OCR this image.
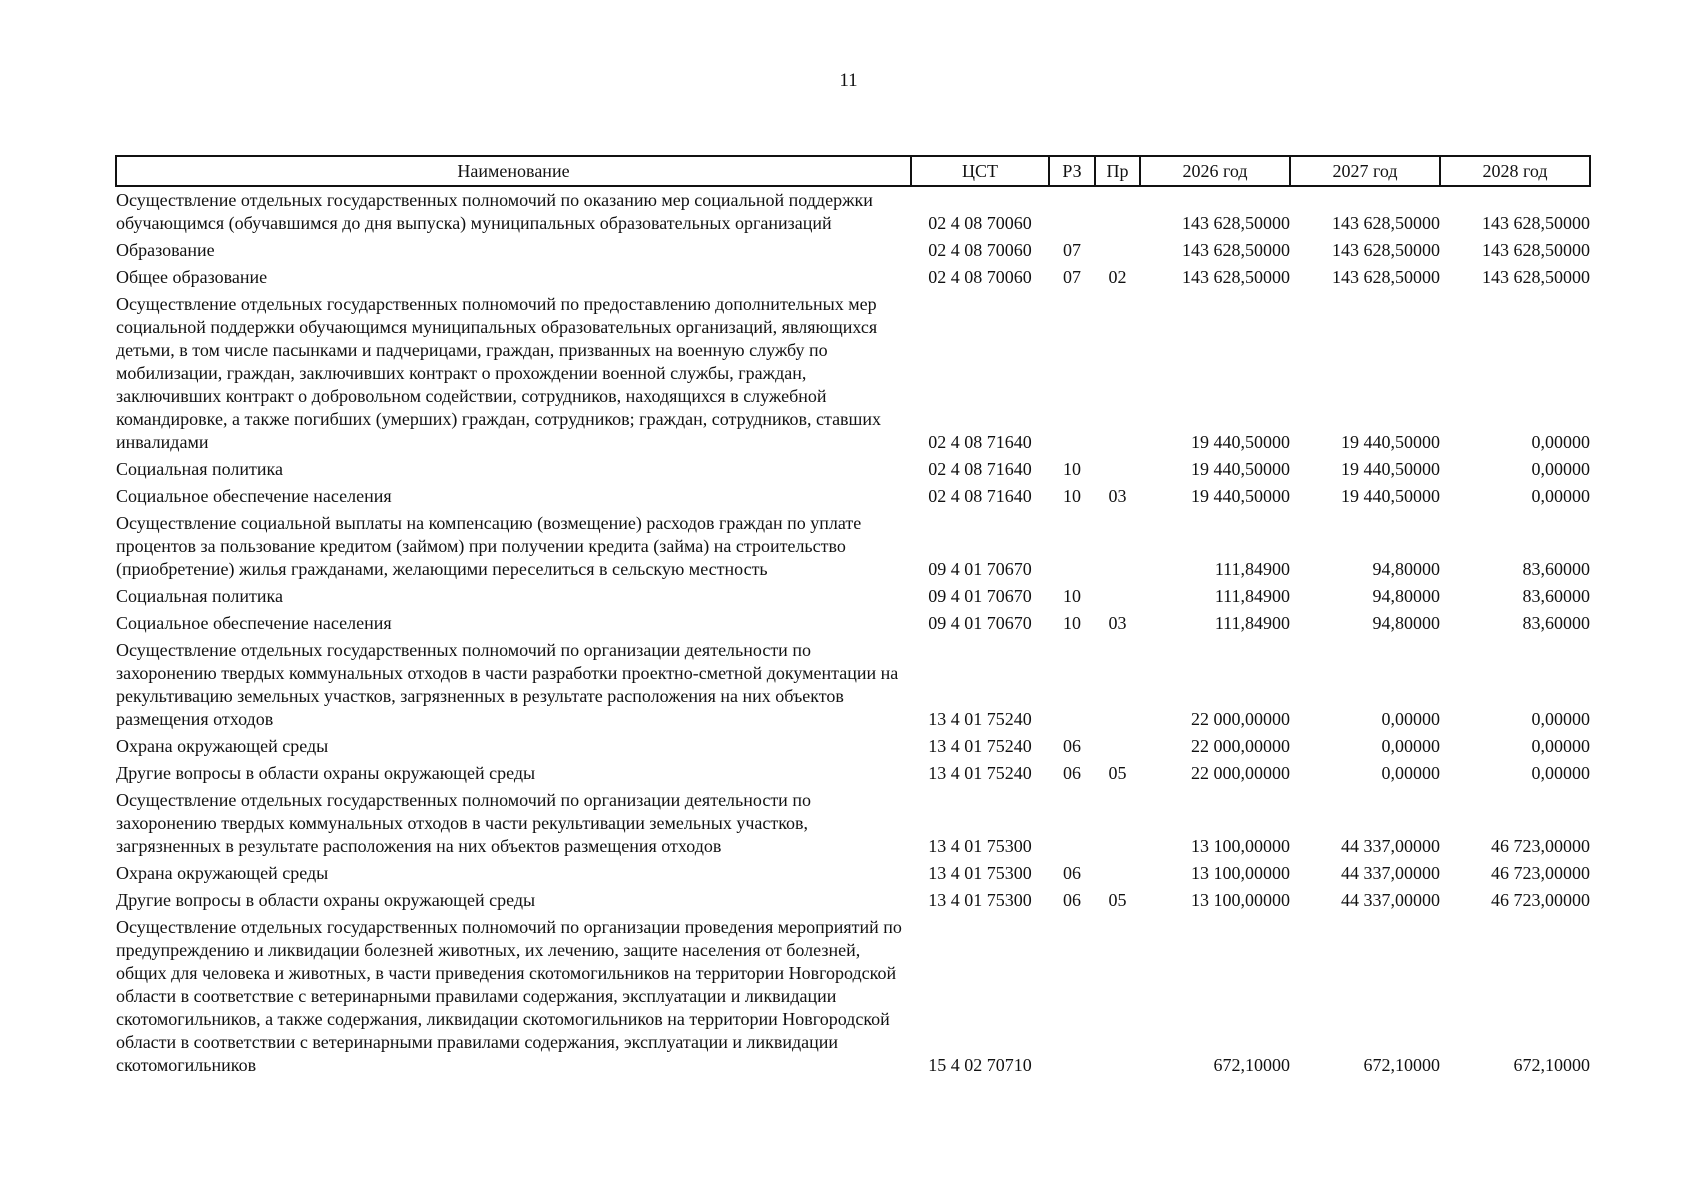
11
Наименование	ЦСТ	РЗ	Пр	2026 год	2027 год	2028 год
Осуществление отдельных государственных полномочий по оказанию мер социальной поддержки обучающимся (обучавшимся до дня выпуска) муниципальных образовательных организаций	02 4 08 70060			143 628,50000	143 628,50000	143 628,50000
Образование	02 4 08 70060	07		143 628,50000	143 628,50000	143 628,50000
Общее образование	02 4 08 70060	07	02	143 628,50000	143 628,50000	143 628,50000
Осуществление отдельных государственных полномочий по предоставлению дополнительных мер социальной поддержки обучающимся муниципальных образовательных организаций, являющихся детьми, в том числе пасынками и падчерицами, граждан, призванных на военную службу по мобилизации, граждан, заключивших контракт о прохождении военной службы, граждан, заключивших контракт о добровольном содействии, сотрудников, находящихся в служебной командировке, а также погибших (умерших) граждан, сотрудников; граждан, сотрудников, ставших инвалидами	02 4 08 71640			19 440,50000	19 440,50000	0,00000
Социальная политика	02 4 08 71640	10		19 440,50000	19 440,50000	0,00000
Социальное обеспечение населения	02 4 08 71640	10	03	19 440,50000	19 440,50000	0,00000
Осуществление социальной выплаты на компенсацию (возмещение) расходов граждан по уплате процентов за пользование кредитом (займом) при получении кредита (займа) на строительство (приобретение) жилья гражданами, желающими переселиться в сельскую местность	09 4 01 70670			111,84900	94,80000	83,60000
Социальная политика	09 4 01 70670	10		111,84900	94,80000	83,60000
Социальное обеспечение населения	09 4 01 70670	10	03	111,84900	94,80000	83,60000
Осуществление отдельных государственных полномочий по организации деятельности по захоронению твердых коммунальных отходов в части разработки проектно-сметной документации на рекультивацию земельных участков, загрязненных в результате расположения на них объектов размещения отходов	13 4 01 75240			22 000,00000	0,00000	0,00000
Охрана окружающей среды	13 4 01 75240	06		22 000,00000	0,00000	0,00000
Другие вопросы в области охраны окружающей среды	13 4 01 75240	06	05	22 000,00000	0,00000	0,00000
Осуществление отдельных государственных полномочий по организации деятельности по захоронению твердых коммунальных отходов в части рекультивации земельных участков, загрязненных в результате расположения на них объектов размещения отходов	13 4 01 75300			13 100,00000	44 337,00000	46 723,00000
Охрана окружающей среды	13 4 01 75300	06		13 100,00000	44 337,00000	46 723,00000
Другие вопросы в области охраны окружающей среды	13 4 01 75300	06	05	13 100,00000	44 337,00000	46 723,00000
Осуществление отдельных государственных полномочий по организации проведения мероприятий по предупреждению и ликвидации болезней животных, их лечению, защите населения от болезней, общих для человека и животных, в части приведения скотомогильников на территории Новгородской области в соответствие с ветеринарными правилами содержания, эксплуатации и ликвидации скотомогильников, а также содержания, ликвидации скотомогильников на территории Новгородской области в соответствии с ветеринарными правилами содержания, эксплуатации и ликвидации скотомогильников	15 4 02 70710			672,10000	672,10000	672,10000
